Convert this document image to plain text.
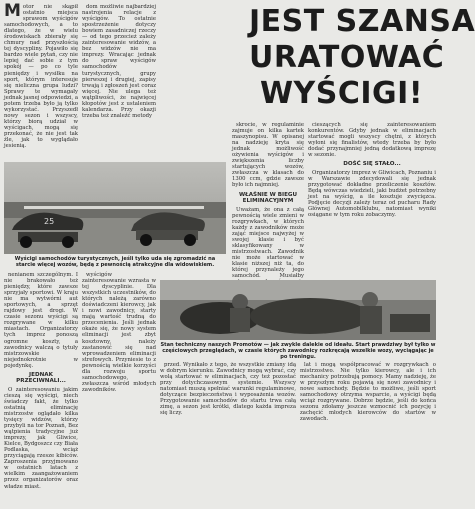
M otor nie skąpił ostatnio miejsca sprawom wyścigów samochodowych, a to dlatego, że w wielu środowiskach zbierały się chmury nad przyszłością tej dyscypliny. Pojawiło się bardzo wiele pytań, czy nie lepiej dać sobie z tym spokój — po co tyle pieniędzy i wysiłku na sport, którym interesuje się nieliczna grupa ludzi? Sprawy te wymagały jednak jasnej odpowiedzi, a potem trzeba było ją tylko wykorzystać. Przyszedł nowy sezon i wszyscy, którzy biorą udział w wyścigach, mogą się przekonać, że nie jest tak źle, jak to wyglądało jesienią.

dom możliwie najbardziej nastrojenia relacje z wyścigów. To ostatnie spostrzeżenie dotyczy bowiem zasadniczej rzeczy — od tego przecież zależy zainteresowanie widzów, a bez widzów nie ma imprezy. Wracając jednak do spraw wyścigów samochodów turystycznych, grupy pierwszej i drugiej, zapisy trwają i zgłoszeń jest coraz więcej. Nie ulega też wątpliwości, że najwięcej kłopotów jest z ustaleniem kalendarza. Przy okazji trzeba też znaleźć metody

JEST SZANSA
URATOWAĆ
WYŚCIGI!
25
Wyścigi samochodów turystycznych, jeśli tylko uda się zgromadzić na starcie więcej wozów, będą z pewnością atrakcyjne dla widowiskiem.

skrocie, w regulaminie zajmuje on kilka kartek maszynopisu. W opisanej na nadzieję kryta się jednak możliwość ożywienia wyścigów i zwiększenia liczby startujących wozów, zwłaszcza w klasach do 1300 ccm, gdzie zawsze było ich najmniej.

WŁAŚNIE W BIEGU ELIMINACYJNYM

Uważam, że ona z całą pewnością wiele zmieni w rozgrywkach, w których każdy z zawodników może zająć miejsce najwyżej w swojej klasie i być sklasyfikowany w mistrzostwach. Zawodnik nie może startować w klasie niższej niż ta, do której przynależy jego samochód. Musiałby

cieszących się zainteresowaniem konkurentów. Gdyby jednak w eliminacjach startować mogli wszyscy chętni, z których wyłoni się finalistów, wtedy trzeba by było dodać przynajmniej jedną dodatkową imprezę w sezonie.

DOŚĆ SIĘ STAŁO...

Organizatorzy imprez w Gliwicach, Poznaniu i w Warszawie zdecydowali się jednak przygotować dokładne przeliczenie kosztów. Będą wówczas wiedzieli, jaki budżet potrzebny jest na wyścig, a ile kosztuje zwycięzca. Podjęcie decyzji zależy teraz od pucharu Rady Głównej Automobilklubu, natomiast wyniki osiągane w tym roku zobaczymy.

nenianem szczególnym. I nie brakowało też pieniędzy, które zawsze sprzyjały sportowi. W kraju nie ma wytwórni aut sportowych, a sprzęt rajdowy jest drogi. W czasie sezonu wyścigi są rozgrywane w kilku miastach. Organizatorzy tych imprez ponoszą ogromne koszty, a zawodnicy walczą o tytuły mistrzowskie niejednokrotnie w pojedynkę.

JEDNAK PRZECIWNALI...

O zainteresowaniu jakim cieszą się wyścigi, niech świadczy fakt, że tylko ostatnią eliminację mistrzostw oglądało kilka tysięcy widzów, którzy przybyli na tor Poznań, Bez wątpienia tradycyjne już imprezy, jak Gliwice, Kielce, Bydgoszcz czy Biała Podlaska, wciąż przyciągają rzesze kibiców. Zaproszenia przyjmowano w ostatnich latach z wielkim zaangażowaniem przez organizatorów oraz władze miast.

wyścigów zainteresowanie wzrasta w tej dyscyplinie. Dla wszystkich uczestników, do których należą zarówno doświadczeni kierowcy, jak i nowi zawodnicy, starty mają wartość trudną do przecenienia. Jeśli jednak okaże się, że nowy system eliminacji jest zbyt kosztowny, należy zastanowić się nad wprowadzeniem eliminacji strefowych. Przyniesie to z pewnością wielkie korzyści dla rozwoju sportu samochodowego, zwłaszcza wśród młodych zawodników.

Stan techniczny naszych Promotów — jak zwykle dalekie od ideału. Start prawdziwy był tylko w częściowych przeglądach, w czasie których zawodnicy rozkręcają wszelkie wozy, wyciągając je po treningu.

przed. Wynikało z tego, że wszystkie zmiany idą w dobrym kierunku. Zawodnicy mogą wybrać, czy wolą startować w eliminacjach, czy też pozostać przy dotychczasowym systemie. Wszyscy natomiast muszą spełniać warunki regulaminowe, dotyczące bezpieczeństwa i wyposażenia wozów. Przygotowanie samochodów do startu trwa całą zimę, a sezon jest krótki, dlatego każda impreza się liczy.

lat i mogą współpracować w rozgrywkach o mistrzostwo. Nie tylko kierowcy, ale i ich mechanicy potrzebują pomocy. Mamy nadzieję, że w przyszłym roku pojawią się nowi zawodnicy i nowe samochody. Będzie to możliwe, jeśli sport samochodowy otrzyma wsparcie, a wyścigi będą wciąż rozgrywane. Dobrze będzie, jeśli do końca sezonu zdołamy jeszcze wzmocnić ich pozycję i zachęcić młodych kierowców do startów w zawodach.
